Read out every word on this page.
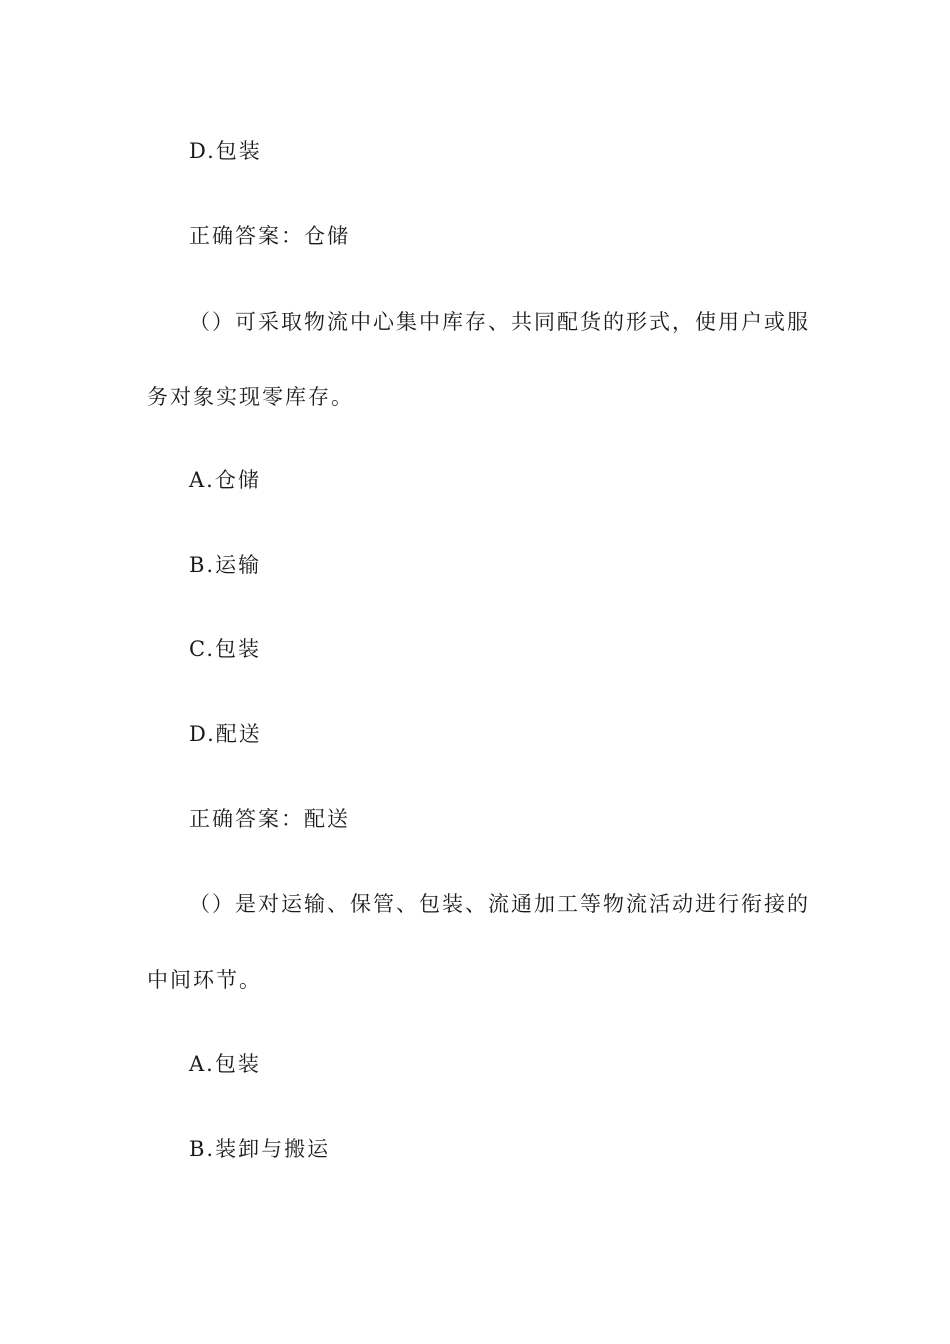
D.包装
正确答案：仓储
（）可采取物流中心集中库存、共同配货的形式，使用户或服
务对象实现零库存。
A.仓储
B.运输
C.包装
D.配送
正确答案：配送
（）是对运输、保管、包装、流通加工等物流活动进行衔接的
中间环节。
A.包装
B.装卸与搬运
